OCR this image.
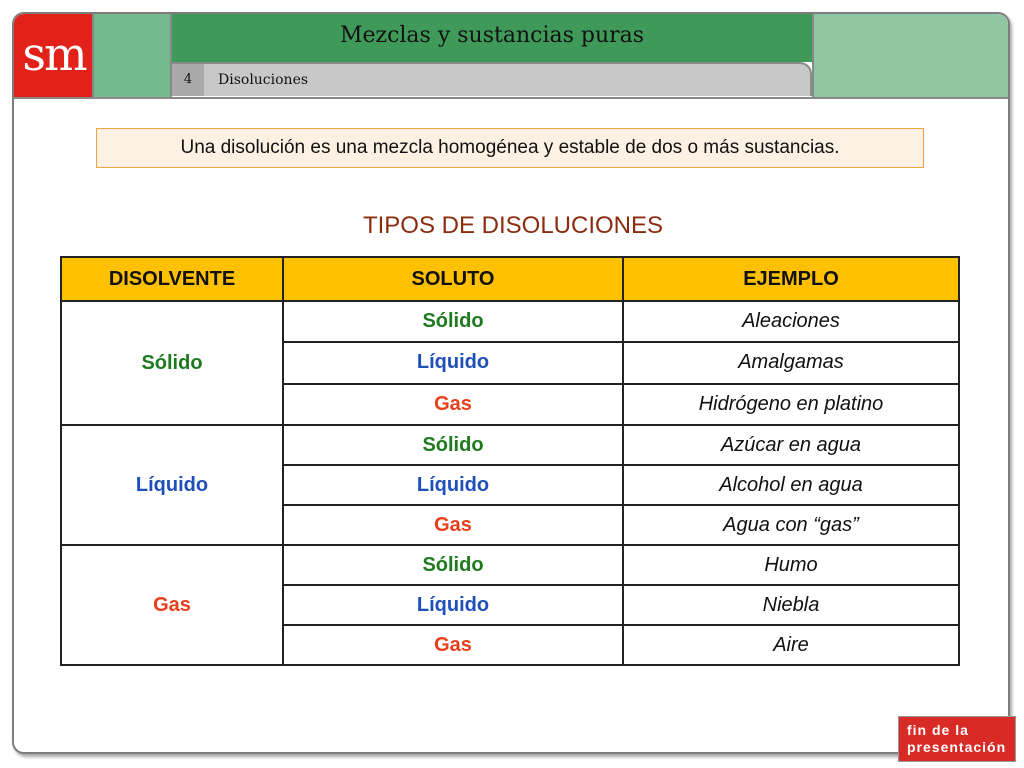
sm	Mezclas y sustancias puras
4	Disoluciones
Una disolución es una mezcla homogénea y estable de dos o más sustancias.
TIPOS DE DISOLUCIONES
DISOLVENTE	SOLUTO	EJEMPLO
Sólido	Sólido	Aleaciones
	Líquido	Amalgamas
	Gas	Hidrógeno en platino
Líquido	Sólido	Azúcar en agua
	Líquido	Alcohol en agua
	Gas	Agua con “gas”
Gas	Sólido	Humo
	Líquido	Niebla
	Gas	Aire
fin de la
presentación
